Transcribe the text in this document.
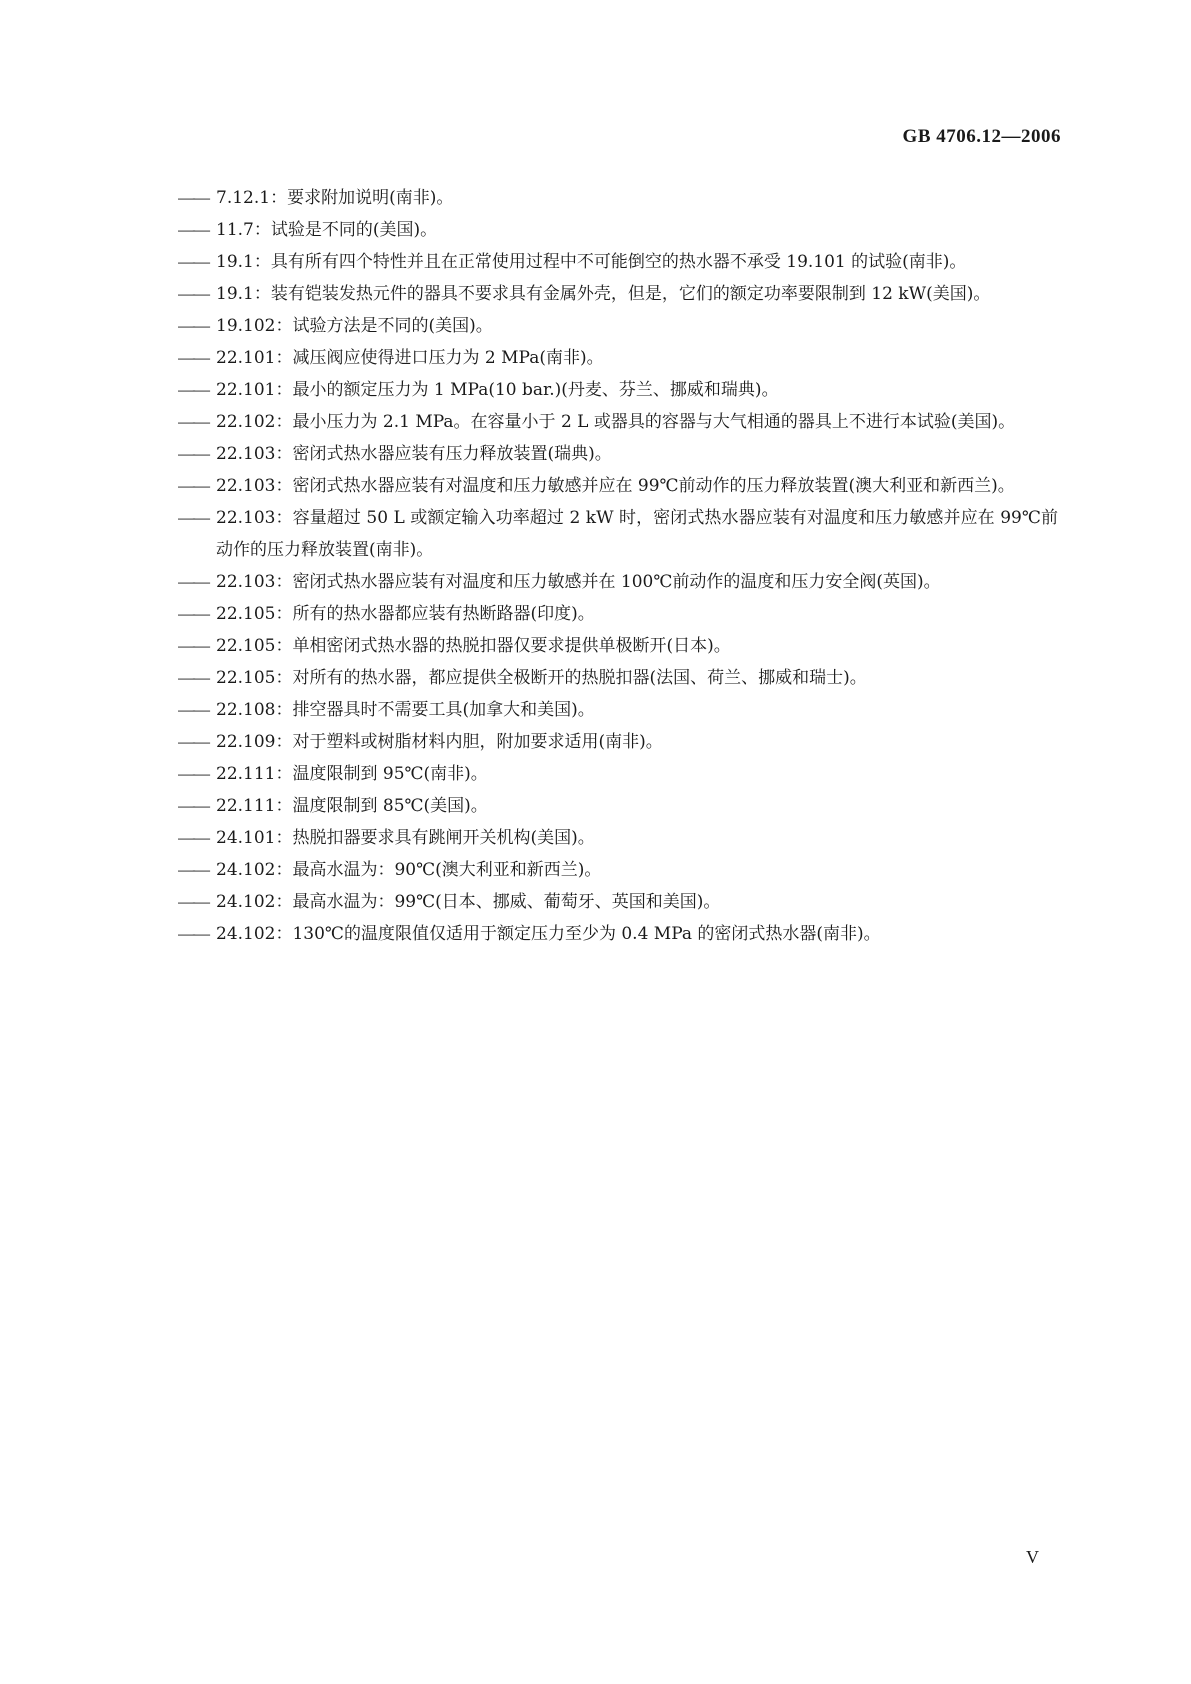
GB 4706.12—2006
—— 7.12.1：要求附加说明(南非)。
—— 11.7：试验是不同的(美国)。
—— 19.1：具有所有四个特性并且在正常使用过程中不可能倒空的热水器不承受 19.101 的试验(南非)。
—— 19.1：装有铠装发热元件的器具不要求具有金属外壳，但是，它们的额定功率要限制到 12 kW(美国)。
—— 19.102：试验方法是不同的(美国)。
—— 22.101：减压阀应使得进口压力为 2 MPa(南非)。
—— 22.101：最小的额定压力为 1 MPa(10 bar.)(丹麦、芬兰、挪威和瑞典)。
—— 22.102：最小压力为 2.1 MPa。在容量小于 2 L 或器具的容器与大气相通的器具上不进行本试验(美国)。
—— 22.103：密闭式热水器应装有压力释放装置(瑞典)。
—— 22.103：密闭式热水器应装有对温度和压力敏感并应在 99℃前动作的压力释放装置(澳大利亚和新西兰)。
—— 22.103：容量超过 50 L 或额定输入功率超过 2 kW 时，密闭式热水器应装有对温度和压力敏感并应在 99℃前动作的压力释放装置(南非)。
—— 22.103：密闭式热水器应装有对温度和压力敏感并在 100℃前动作的温度和压力安全阀(英国)。
—— 22.105：所有的热水器都应装有热断路器(印度)。
—— 22.105：单相密闭式热水器的热脱扣器仅要求提供单极断开(日本)。
—— 22.105：对所有的热水器，都应提供全极断开的热脱扣器(法国、荷兰、挪威和瑞士)。
—— 22.108：排空器具时不需要工具(加拿大和美国)。
—— 22.109：对于塑料或树脂材料内胆，附加要求适用(南非)。
—— 22.111：温度限制到 95℃(南非)。
—— 22.111：温度限制到 85℃(美国)。
—— 24.101：热脱扣器要求具有跳闸开关机构(美国)。
—— 24.102：最高水温为：90℃(澳大利亚和新西兰)。
—— 24.102：最高水温为：99℃(日本、挪威、葡萄牙、英国和美国)。
—— 24.102：130℃的温度限值仅适用于额定压力至少为 0.4 MPa 的密闭式热水器(南非)。
V
